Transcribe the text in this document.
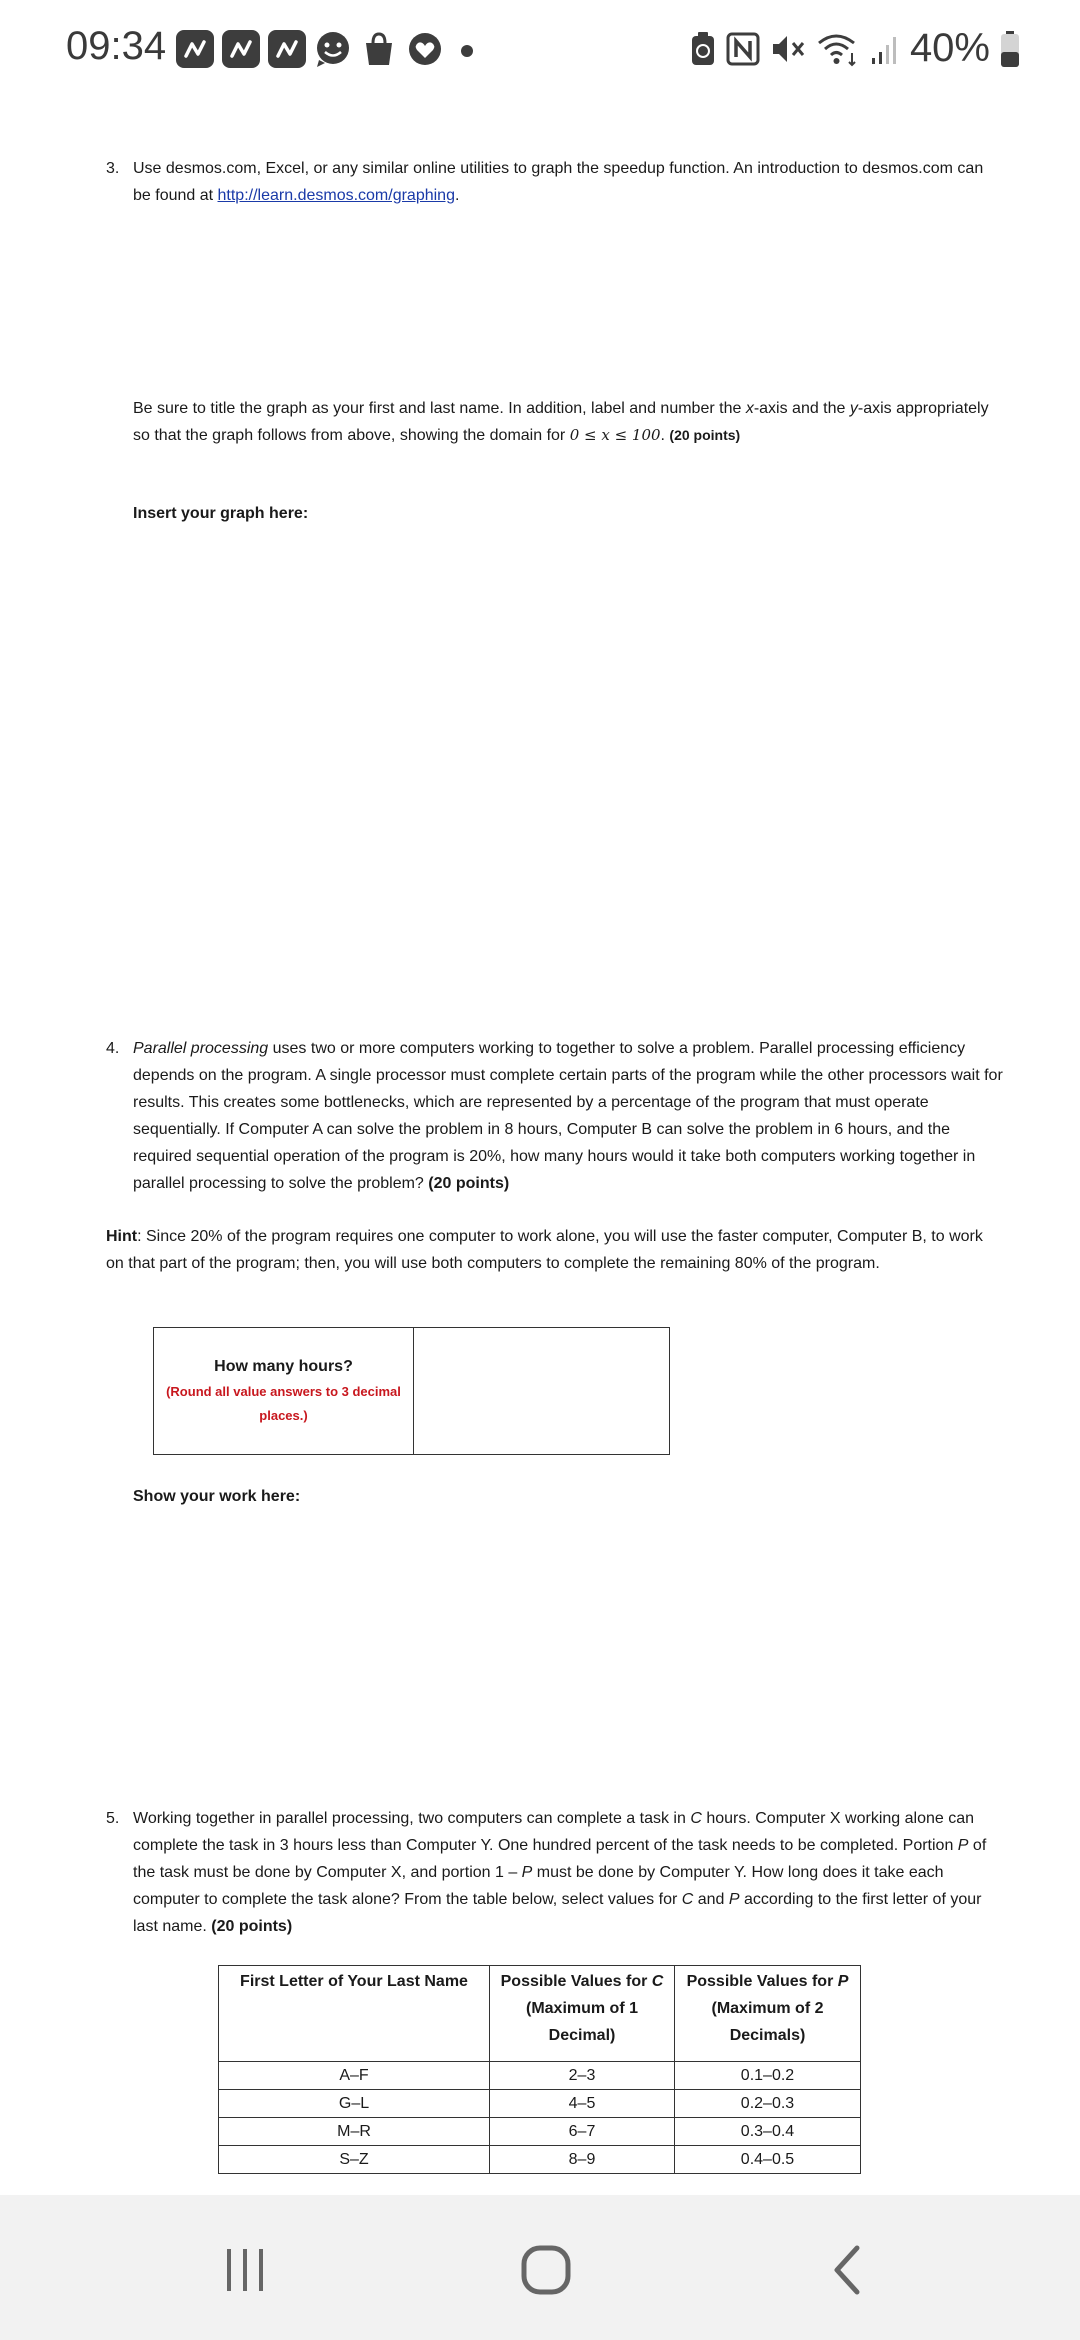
09:34	40%
3. Use desmos.com, Excel, or any similar online utilities to graph the speedup function. An introduction to desmos.com can be found at http://learn.desmos.com/graphing.
Be sure to title the graph as your first and last name. In addition, label and number the x-axis and the y-axis appropriately so that the graph follows from above, showing the domain for 0 ≤ x ≤ 100. (20 points)
Insert your graph here:
4. Parallel processing uses two or more computers working to together to solve a problem. Parallel processing efficiency depends on the program. A single processor must complete certain parts of the program while the other processors wait for results. This creates some bottlenecks, which are represented by a percentage of the program that must operate sequentially. If Computer A can solve the problem in 8 hours, Computer B can solve the problem in 6 hours, and the required sequential operation of the program is 20%, how many hours would it take both computers working together in parallel processing to solve the problem? (20 points)
Hint: Since 20% of the program requires one computer to work alone, you will use the faster computer, Computer B, to work on that part of the program; then, you will use both computers to complete the remaining 80% of the program.
How many hours?
(Round all value answers to 3 decimal places.)
Show your work here:
5. Working together in parallel processing, two computers can complete a task in C hours. Computer X working alone can complete the task in 3 hours less than Computer Y. One hundred percent of the task needs to be completed. Portion P of the task must be done by Computer X, and portion 1 – P must be done by Computer Y. How long does it take each computer to complete the task alone? From the table below, select values for C and P according to the first letter of your last name. (20 points)
First Letter of Your Last Name	Possible Values for C (Maximum of 1 Decimal)	Possible Values for P (Maximum of 2 Decimals)
A–F	2–3	0.1–0.2
G–L	4–5	0.2–0.3
M–R	6–7	0.3–0.4
S–Z	8–9	0.4–0.5
